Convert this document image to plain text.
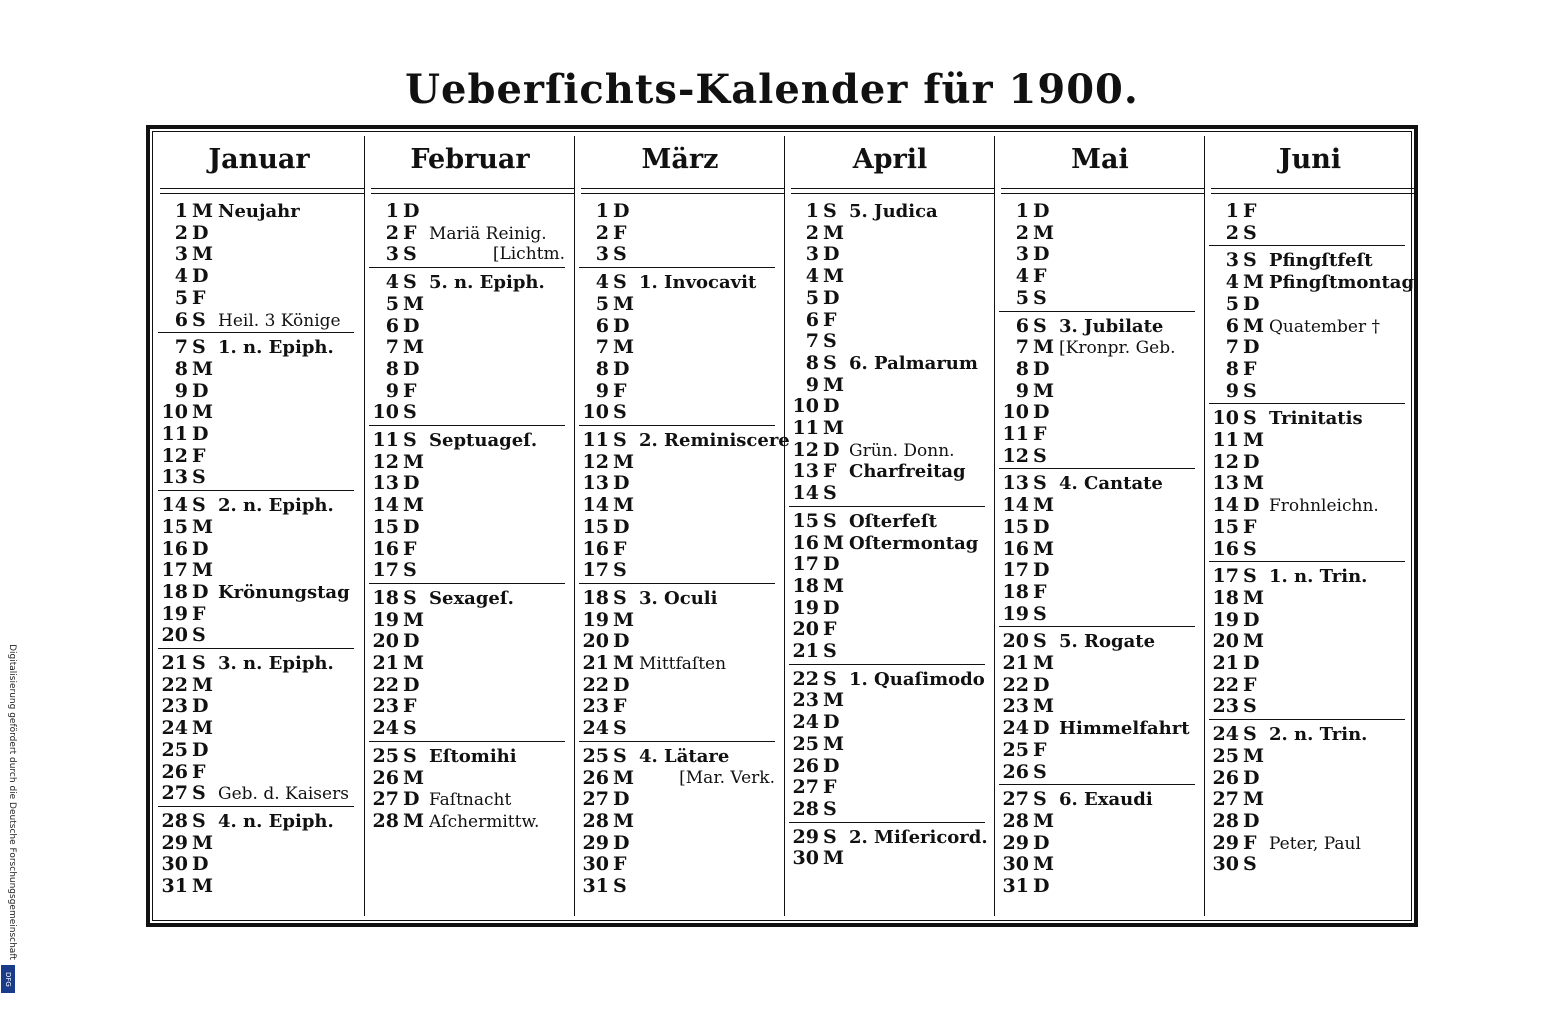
Ueberſichts-Kalender für 1900.
Januar
1 M Neujahr
2 D
3 M
4 D
5 F
6 S Heil. 3 Könige
7 S 1. n. Epiph.
8 M
9 D
10 M
11 D
12 F
13 S
14 S 2. n. Epiph.
15 M
16 D
17 M
18 D Krönungstag
19 F
20 S
21 S 3. n. Epiph.
22 M
23 D
24 M
25 D
26 F
27 S Geb. d. Kaisers
28 S 4. n. Epiph.
29 M
30 D
31 M
Februar
1 D
2 F Mariä Reinig.
3 S	[Lichtm.
4 S 5. n. Epiph.
5 M
6 D
7 M
8 D
9 F
10 S
11 S Septuageſ.
12 M
13 D
14 M
15 D
16 F
17 S
18 S Sexageſ.
19 M
20 D
21 M
22 D
23 F
24 S
25 S Eſtomihi
26 M
27 D Faſtnacht
28 M Aſchermittw.
März
1 D
2 F
3 S
4 S 1. Invocavit
5 M
6 D
7 M
8 D
9 F
10 S
11 S 2. Reminiscere
12 M
13 D
14 M
15 D
16 F
17 S
18 S 3. Oculi
19 M
20 D
21 M Mittfaſten
22 D
23 F
24 S
25 S 4. Lätare
26 M	[Mar. Verk.
27 D
28 M
29 D
30 F
31 S
April
1 S 5. Judica
2 M
3 D
4 M
5 D
6 F
7 S
8 S 6. Palmarum
9 M
10 D
11 M
12 D Grün. Donn.
13 F Charfreitag
14 S
15 S Oſterfeſt
16 M Oſtermontag
17 D
18 M
19 D
20 F
21 S
22 S 1. Quaſimodo
23 M
24 D
25 M
26 D
27 F
28 S
29 S 2. Miſericord.
30 M
Mai
1 D
2 M
3 D
4 F
5 S
6 S 3. Jubilate
7 M [Kronpr. Geb.
8 D
9 M
10 D
11 F
12 S
13 S 4. Cantate
14 M
15 D
16 M
17 D
18 F
19 S
20 S 5. Rogate
21 M
22 D
23 M
24 D Himmelfahrt
25 F
26 S
27 S 6. Exaudi
28 M
29 D
30 M
31 D
Juni
1 F
2 S
3 S Pfingſtfeſt
4 M Pfingſtmontag
5 D
6 M Quatember †
7 D
8 F
9 S
10 S Trinitatis
11 M
12 D
13 M
14 D Frohnleichn.
15 F
16 S
17 S 1. n. Trin.
18 M
19 D
20 M
21 D
22 F
23 S
24 S 2. n. Trin.
25 M
26 D
27 M
28 D
29 F Peter, Paul
30 S
Digitalisierung gefördert durch die Deutsche Forschungsgemeinschaft
DFG
